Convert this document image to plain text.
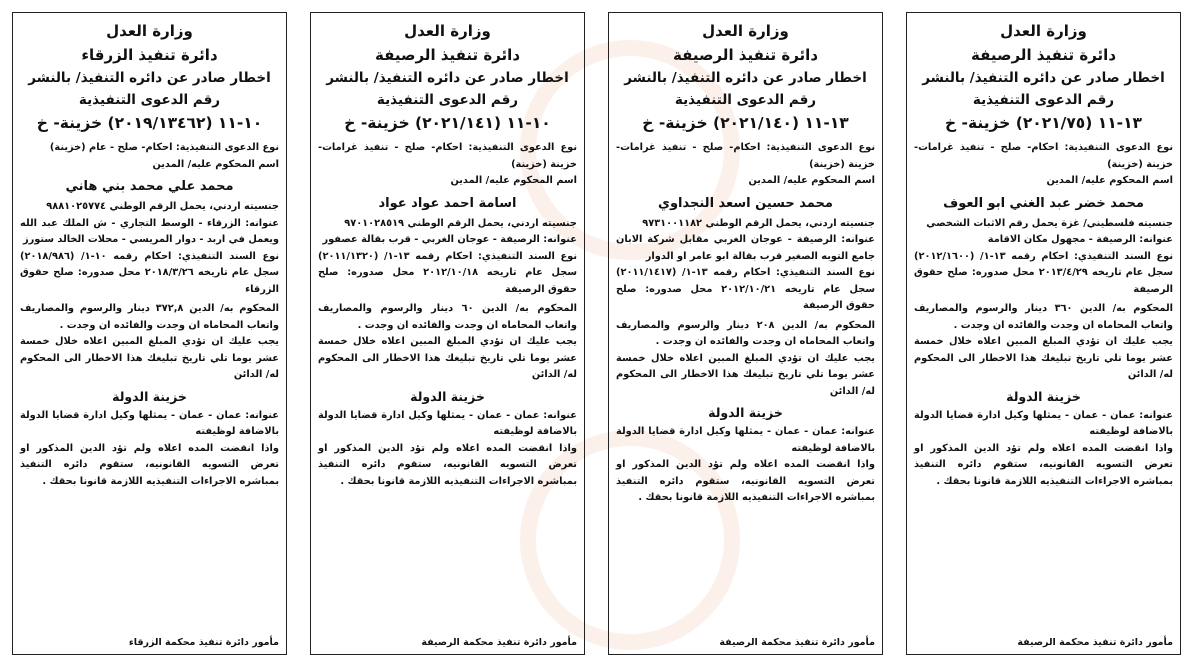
وزارة العدل
دائرة تنفيذ الرصيفة
اخطار صادر عن دائره التنفيذ/ بالنشر
رقم الدعوى التنفيذية
١٣-١١ (٢٠٢١/٧٥) خزينة- خ

نوع الدعوى التنفيذية: احكام- صلح - تنفيذ غرامات- خزينة (خزينة)

اسم المحكوم عليه/ المدين

محمد خضر عبد الغني ابو العوف

جنسيته فلسطيني/ غزة يحمل رقم الاثبات الشخصي

عنوانه: الرصيفة - مجهول مكان الاقامة

نوع السند التنفيذي: احكام رقمه ١٣-١/ (٢٠١٢/١٦٠٠) سجل عام تاريخه ٢٠١٣/٤/٢٩ محل صدوره: صلح حقوق الرصيفة

المحكوم به/ الدين ٣٦٠ دينار والرسوم والمصاريف واتعاب المحاماه ان وجدت والفائده ان وجدت .

يجب عليك ان تؤدي المبلغ المبين اعلاه خلال خمسة عشر يوما تلي تاريخ تبليغك هذا الاخطار الى المحكوم له/ الدائن

خزينة الدولة

عنوانه: عمان - عمان - يمثلها وكيل ادارة قضايا الدولة بالاضافة لوظيفته

واذا انقضت المده اعلاه ولم تؤد الدين المذكور او تعرض التسويه القانونيه، ستقوم دائره التنفيذ بمباشره الاجراءات التنفيذيه اللازمة قانونا بحقك .

مأمور دائرة تنفيذ محكمة الرصيفة
وزارة العدل
دائرة تنفيذ الرصيفة
اخطار صادر عن دائره التنفيذ/ بالنشر
رقم الدعوى التنفيذية
١٣-١١ (٢٠٢١/١٤٠) خزينة- خ

نوع الدعوى التنفيذية: احكام- صلح - تنفيذ غرامات- خزينة (خزينة)

اسم المحكوم عليه/ المدين

محمد حسين اسعد النجداوي

جنسيته اردني، يحمل الرقم الوطني ٩٧٣١٠٠١١٨٢

عنوانه: الرصيفة - عوجان الغربي مقابل شركة الابان جامع التوبه الصغير قرب بقالة ابو عامر او الدوار

نوع السند التنفيذي: احكام رقمه ١٣-١/ (٢٠١١/١٤١٧) سجل عام تاريخه ٢٠١٢/١٠/٢١ محل صدوره: صلح حقوق الرصيفة

المحكوم به/ الدين ٢٠٨ دينار والرسوم والمصاريف واتعاب المحاماه ان وجدت والفائده ان وجدت .

يجب عليك ان تؤدي المبلغ المبين اعلاه خلال خمسة عشر يوما تلي تاريخ تبليغك هذا الاخطار الى المحكوم له/ الدائن

خزينة الدولة

عنوانه: عمان - عمان - يمثلها وكيل ادارة قضايا الدولة بالاضافة لوظيفته

واذا انقضت المده اعلاه ولم تؤد الدين المذكور او تعرض التسويه القانونيه، ستقوم دائره التنفيذ بمباشره الاجراءات التنفيذيه اللازمة قانونا بحقك .

مأمور دائرة تنفيذ محكمة الرصيفة
وزارة العدل
دائرة تنفيذ الرصيفة
اخطار صادر عن دائره التنفيذ/ بالنشر
رقم الدعوى التنفيذية
١٠-١١ (٢٠٢١/١٤١) خزينة- خ

نوع الدعوى التنفيذية: احكام- صلح - تنفيذ غرامات- خزينة (خزينة)

اسم المحكوم عليه/ المدين

اسامة احمد عواد عواد

جنسيته اردني، يحمل الرقم الوطني ٩٧٠١٠٢٨٥١٩

عنوانه: الرصيفة - عوجان الغربي - قرب بقالة عصفور

نوع السند التنفيذي: احكام رقمه ١٣-١/ (٢٠١١/١٣٢٠) سجل عام تاريخه ٢٠١٢/١٠/١٨ محل صدوره: صلح حقوق الرصيفة

المحكوم به/ الدين ٦٠ دينار والرسوم والمصاريف واتعاب المحاماه ان وجدت والفائده ان وجدت .

يجب عليك ان تؤدي المبلغ المبين اعلاه خلال خمسة عشر يوما تلي تاريخ تبليغك هذا الاخطار الى المحكوم له/ الدائن

خزينة الدولة

عنوانه: عمان - عمان - يمثلها وكيل ادارة قضايا الدولة بالاضافة لوظيفته

واذا انقضت المده اعلاه ولم تؤد الدين المذكور او تعرض التسويه القانونيه، ستقوم دائره التنفيذ بمباشره الاجراءات التنفيذيه اللازمة قانونا بحقك .

مأمور دائرة تنفيذ محكمة الرصيفة
وزارة العدل
دائرة تنفيذ الزرقاء
اخطار صادر عن دائره التنفيذ/ بالنشر
رقم الدعوى التنفيذية
١٠-١١ (٢٠١٩/١٣٤٦٢) خزينة- خ

نوع الدعوى التنفيذية: احكام- صلح - عام (خزينة)

اسم المحكوم عليه/ المدين

محمد علي محمد بني هاني

جنسيته اردني، يحمل الرقم الوطني ٩٨٨١٠٢٥٧٧٤

عنوانه: الزرقاء - الوسط التجاري - ش الملك عبد الله ويعمل في اربد - دوار المريسي - محلات الخالد ستورز

نوع السند التنفيذي: احكام رقمه ١٠-١/ (٢٠١٨/٩٨٦) سجل عام تاريخه ٢٠١٨/٣/٢٦ محل صدوره: صلح حقوق الزرقاء

المحكوم به/ الدين ٣٧٢,٨ دينار والرسوم والمصاريف واتعاب المحاماه ان وجدت والفائده ان وجدت .

يجب عليك ان تؤدي المبلغ المبين اعلاه خلال خمسة عشر يوما تلي تاريخ تبليغك هذا الاخطار الى المحكوم له/ الدائن

خزينة الدولة

عنوانه: عمان - عمان - يمثلها وكيل ادارة قضايا الدولة بالاضافة لوظيفته

واذا انقضت المده اعلاه ولم تؤد الدين المذكور او تعرض التسويه القانونيه، ستقوم دائره التنفيذ بمباشره الاجراءات التنفيذيه اللازمة قانونا بحقك .

مأمور دائرة تنفيذ محكمة الزرقاء
